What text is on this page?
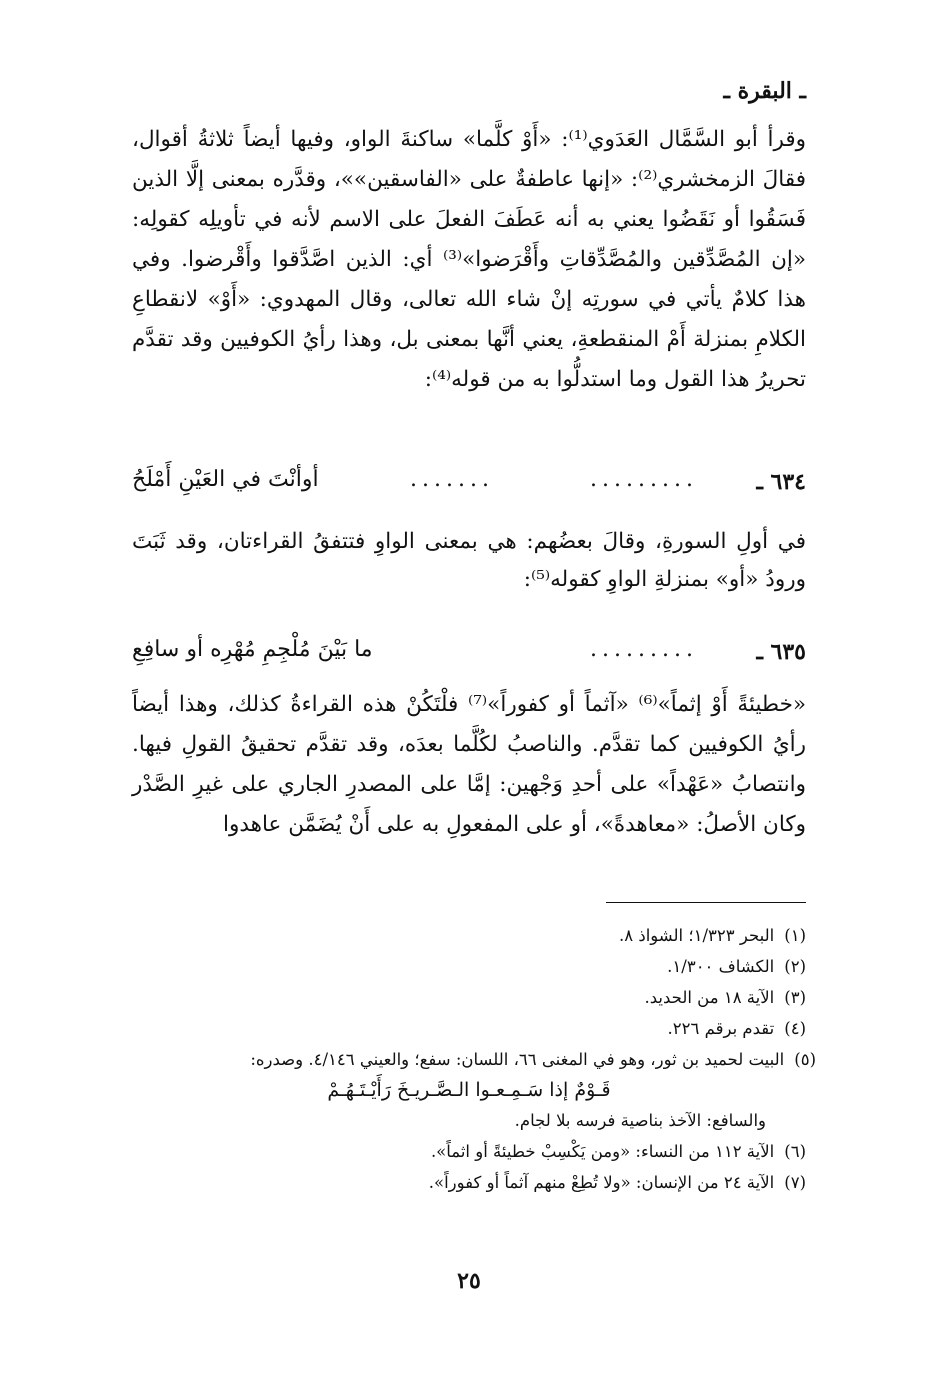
ـ البقرة ـ
وقرأ أبو السَّمَّال العَدَوي⁽¹⁾: «أَوْ كلَّما» ساكنةَ الواو، وفيها أيضاً ثلاثةُ أقوال، فقالَ الزمخشري⁽²⁾: «إنها عاطفةٌ على «الفاسقين»»، وقدَّره بمعنى إلَّا الذين فَسَقُوا أو نَقَضُوا يعني به أنه عَطَفَ الفعلَ على الاسم لأنه في تأويلِه كقولِه: «إن المُصَّدِّقين والمُصَّدِّقاتِ وأَقْرَضوا»⁽³⁾ أي: الذين اصَّدَّقوا وأَقْرضوا. وفي هذا كلامٌ يأتي في سورتِه إنْ شاء الله تعالى، وقال المهدوي: «أَوْ» لانقطاعِ الكلامِ بمنزلة أَمْ المنقطعةِ، يعني أنَّها بمعنى بل، وهذا رأيُ الكوفيين وقد تقدَّم تحريرُ هذا القول وما استدلُّوا به من قوله⁽⁴⁾:
٦٣٤ ـ
.........
.......
أوأنْتَ في العَيْنِ أَمْلَحُ
في أولِ السورةِ، وقالَ بعضُهم: هي بمعنى الواوِ فتتفقُ القراءتان، وقد ثَبَتَ ورودُ «أو» بمنزلةِ الواوِ كقوله⁽⁵⁾:
٦٣٥ ـ
.........
ما بَيْنَ مُلْجِمِ مُهْرِه أو سافِعِ
«خطيئةً أَوْ إثماً»⁽⁶⁾ «آثماً أو كفوراً»⁽⁷⁾ فلْتَكُنْ هذه القراءةُ كذلك، وهذا أيضاً رأيُ الكوفيين كما تقدَّم. والناصبُ لكُلَّما بعدَه، وقد تقدَّم تحقيقُ القولِ فيها. وانتصابُ «عَهْداً» على أحدِ وَجْهين: إمَّا على المصدرِ الجاري على غيرِ الصَّدْر وكان الأصلُ: «معاهدةً»، أو على المفعولِ به على أَنْ يُضَمَّن عاهدوا
(١)البحر ١/٣٢٣؛ الشواذ ٨.
(٢)الكشاف ١/٣٠٠.
(٣)الآية ١٨ من الحديد.
(٤)تقدم برقم ٢٢٦.
(٥)البيت لحميد بن ثور، وهو في المغنى ٦٦، اللسان: سفع؛ والعيني ٤/١٤٦. وصدره:
قَـوْمٌ إذا سَـمِـعـوا الـصَّـريـخَ رَأَيْـتَـهُـمْ
والسافع: الآخذ بناصية فرسه بلا لجام.
(٦)الآية ١١٢ من النساء: «ومن يَكْسِبْ خطيئةً أو اثماً».
(٧)الآية ٢٤ من الإنسان: «ولا تُطِعْ منهم آثماً أو كفوراً».
٢٥
